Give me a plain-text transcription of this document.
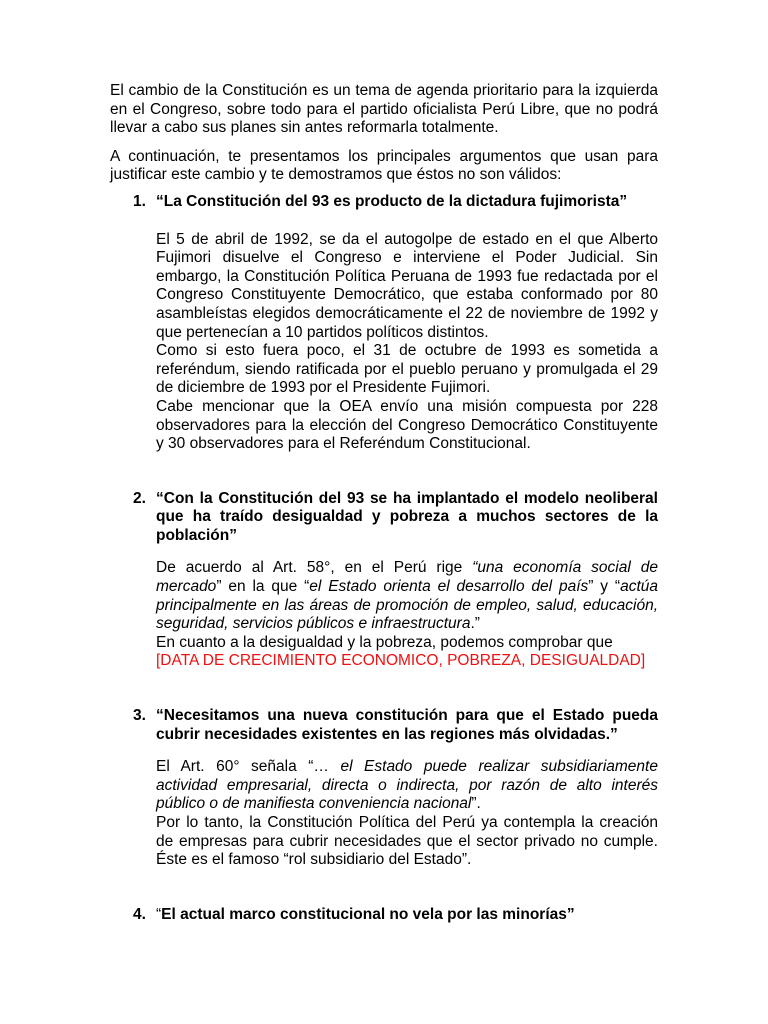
El cambio de la Constitución es un tema de agenda prioritario para la izquierda en el Congreso, sobre todo para el partido oficialista Perú Libre, que no podrá llevar a cabo sus planes sin antes reformarla totalmente.

A continuación, te presentamos los principales argumentos que usan para justificar este cambio y te demostramos que éstos no son válidos:

1. “La Constitución del 93 es producto de la dictadura fujimorista”

El 5 de abril de 1992, se da el autogolpe de estado en el que Alberto Fujimori disuelve el Congreso e interviene el Poder Judicial. Sin embargo, la Constitución Política Peruana de 1993 fue redactada por el Congreso Constituyente Democrático, que estaba conformado por 80 asambleístas elegidos democráticamente el 22 de noviembre de 1992 y que pertenecían a 10 partidos políticos distintos.

Como si esto fuera poco, el 31 de octubre de 1993 es sometida a referéndum, siendo ratificada por el pueblo peruano y promulgada el 29 de diciembre de 1993 por el Presidente Fujimori.

Cabe mencionar que la OEA envío una misión compuesta por 228 observadores para la elección del Congreso Democrático Constituyente y 30 observadores para el Referéndum Constitucional.

2. “Con la Constitución del 93 se ha implantado el modelo neoliberal que ha traído desigualdad y pobreza a muchos sectores de la población”

De acuerdo al Art. 58°, en el Perú rige “una economía social de mercado” en la que “el Estado orienta el desarrollo del país” y “actúa principalmente en las áreas de promoción de empleo, salud, educación, seguridad, servicios públicos e infraestructura.”

En cuanto a la desigualdad y la pobreza, podemos comprobar que

[DATA DE CRECIMIENTO ECONOMICO, POBREZA, DESIGUALDAD]

3. “Necesitamos una nueva constitución para que el Estado pueda cubrir necesidades existentes en las regiones más olvidadas.”

El Art. 60° señala “… el Estado puede realizar subsidiariamente actividad empresarial, directa o indirecta, por razón de alto interés público o de manifiesta conveniencia nacional”.

Por lo tanto, la Constitución Política del Perú ya contempla la creación de empresas para cubrir necesidades que el sector privado no cumple. Éste es el famoso “rol subsidiario del Estado”.

4. “El actual marco constitucional no vela por las minorías”
